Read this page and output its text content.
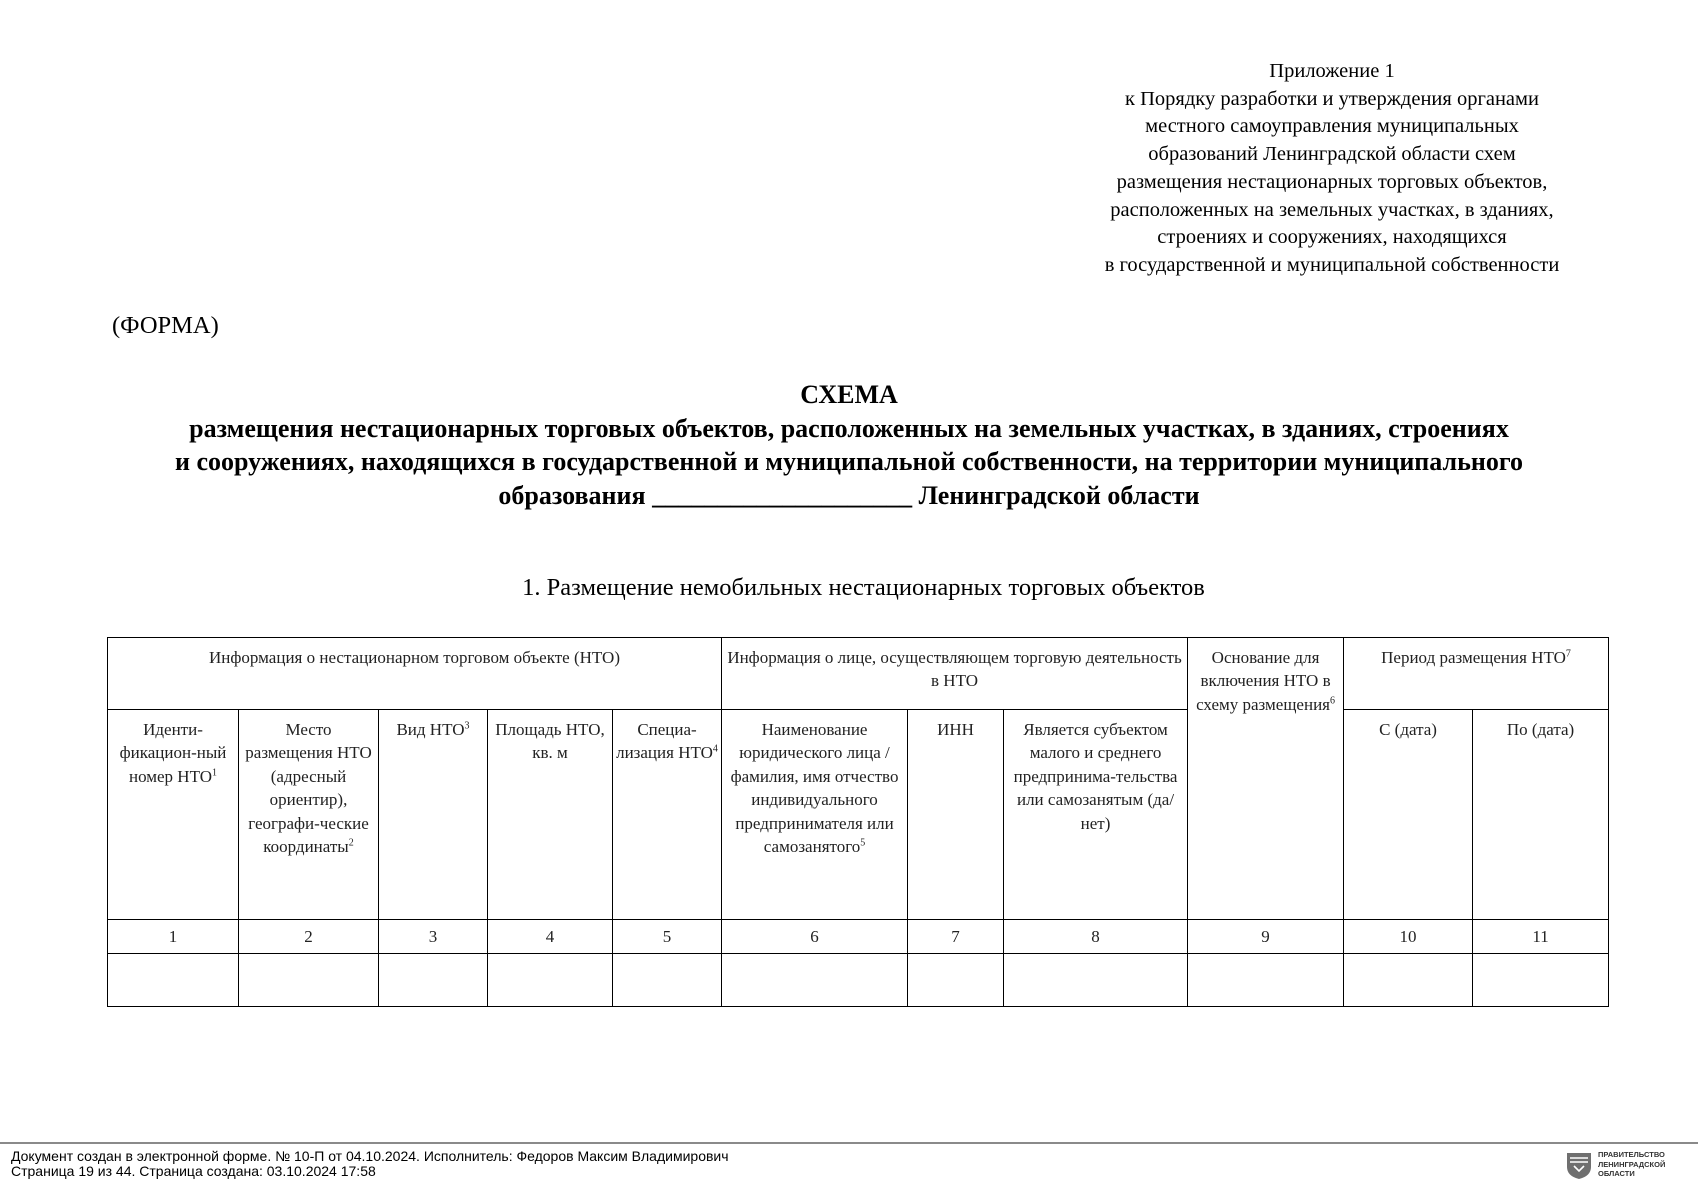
Приложение 1
к Порядку разработки и утверждения органами
местного самоуправления муниципальных
образований Ленинградской области схем
размещения нестационарных торговых объектов,
расположенных на земельных участках, в зданиях,
строениях и сооружениях, находящихся
в государственной и муниципальной собственности
(ФОРМА)
СХЕМА
размещения нестационарных торговых объектов, расположенных на земельных участках, в зданиях, строениях
и сооружениях, находящихся в государственной и муниципальной собственности, на территории муниципального
образования ____________________ Ленинградской области
1. Размещение немобильных нестационарных торговых объектов
Информация о нестационарном торговом объекте (НТО)					Информация о лице, осуществляющем торговую деятельность в НТО			Основание для включения НТО в схему размещения$^6$	Период размещения НТО$^7$
Иденти-фикацион-ный номер НТО$^1$	Место размещения НТО (адресный ориентир), географи-ческие координаты$^2$	Вид НТО$^3$	Площадь НТО, кв. м	Специа-лизация НТО$^4$	Наименование юридического лица / фамилия, имя отчество индивидуального предпринимателя или самозанятого$^5$	ИНН	Является субъектом малого и среднего предпринима-тельства или самозанятым (да/нет)		С (дата)	По (дата)
1	2	3	4	5	6	7	8	9	10	11

Документ создан в электронной форме. № 10-П от 04.10.2024. Исполнитель: Федоров Максим Владимирович
Страница 19 из 44. Страница создана: 03.10.2024 17:58
ПРАВИТЕЛЬСТВО
ЛЕНИНГРАДСКОЙ
ОБЛАСТИ
